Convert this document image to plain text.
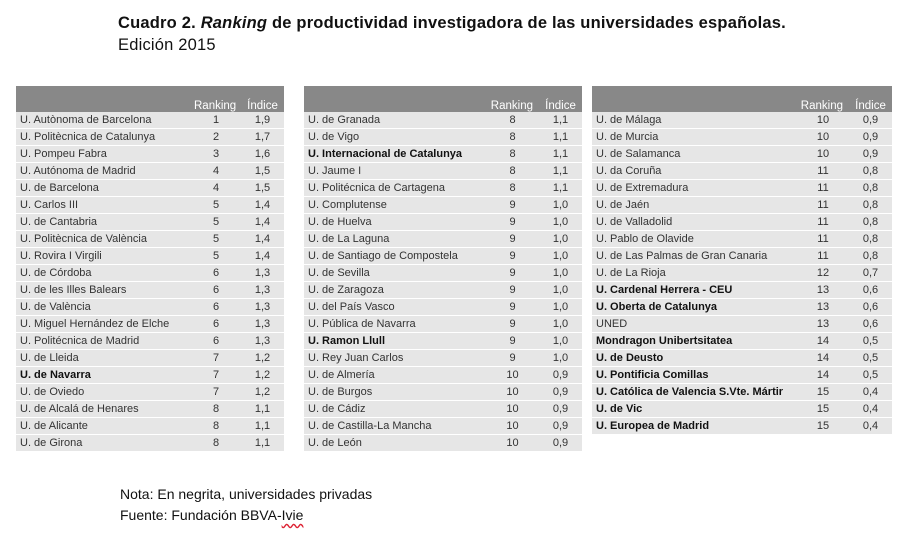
Cuadro 2. Ranking de productividad investigadora de las universidades españolas. Edición 2015
	Ranking	Índice
U. Autònoma de Barcelona	1	1,9
U. Politècnica de Catalunya	2	1,7
U. Pompeu Fabra	3	1,6
U. Autónoma de Madrid	4	1,5
U. de Barcelona	4	1,5
U. Carlos III	5	1,4
U. de Cantabria	5	1,4
U. Politècnica de València	5	1,4
U. Rovira I Virgili	5	1,4
U. de Córdoba	6	1,3
U. de les Illes Balears	6	1,3
U. de València	6	1,3
U. Miguel Hernández de Elche	6	1,3
U. Politécnica de Madrid	6	1,3
U. de Lleida	7	1,2
U. de Navarra	7	1,2
U. de Oviedo	7	1,2
U. de Alcalá de Henares	8	1,1
U. de Alicante	8	1,1
U. de Girona	8	1,1
	Ranking	Índice
U. de Granada	8	1,1
U. de Vigo	8	1,1
U. Internacional de Catalunya	8	1,1
U. Jaume I	8	1,1
U. Politécnica de Cartagena	8	1,1
U. Complutense	9	1,0
U. de Huelva	9	1,0
U. de La Laguna	9	1,0
U. de Santiago de Compostela	9	1,0
U. de Sevilla	9	1,0
U. de Zaragoza	9	1,0
U. del País Vasco	9	1,0
U. Pública de Navarra	9	1,0
U. Ramon Llull	9	1,0
U. Rey Juan Carlos	9	1,0
U. de Almería	10	0,9
U. de Burgos	10	0,9
U. de Cádiz	10	0,9
U. de Castilla-La Mancha	10	0,9
U. de León	10	0,9
	Ranking	Índice
U. de Málaga	10	0,9
U. de Murcia	10	0,9
U. de Salamanca	10	0,9
U. da Coruña	11	0,8
U. de Extremadura	11	0,8
U. de Jaén	11	0,8
U. de Valladolid	11	0,8
U. Pablo de Olavide	11	0,8
U. de Las Palmas de Gran Canaria	11	0,8
U. de La Rioja	12	0,7
U. Cardenal Herrera - CEU	13	0,6
U. Oberta de Catalunya	13	0,6
UNED	13	0,6
Mondragon Unibertsitatea	14	0,5
U. de Deusto	14	0,5
U. Pontificia Comillas	14	0,5
U. Católica de Valencia S.Vte. Mártir	15	0,4
U. de Vic	15	0,4
U. Europea de Madrid	15	0,4
Nota: En negrita, universidades privadas
Fuente: Fundación BBVA-Ivie
